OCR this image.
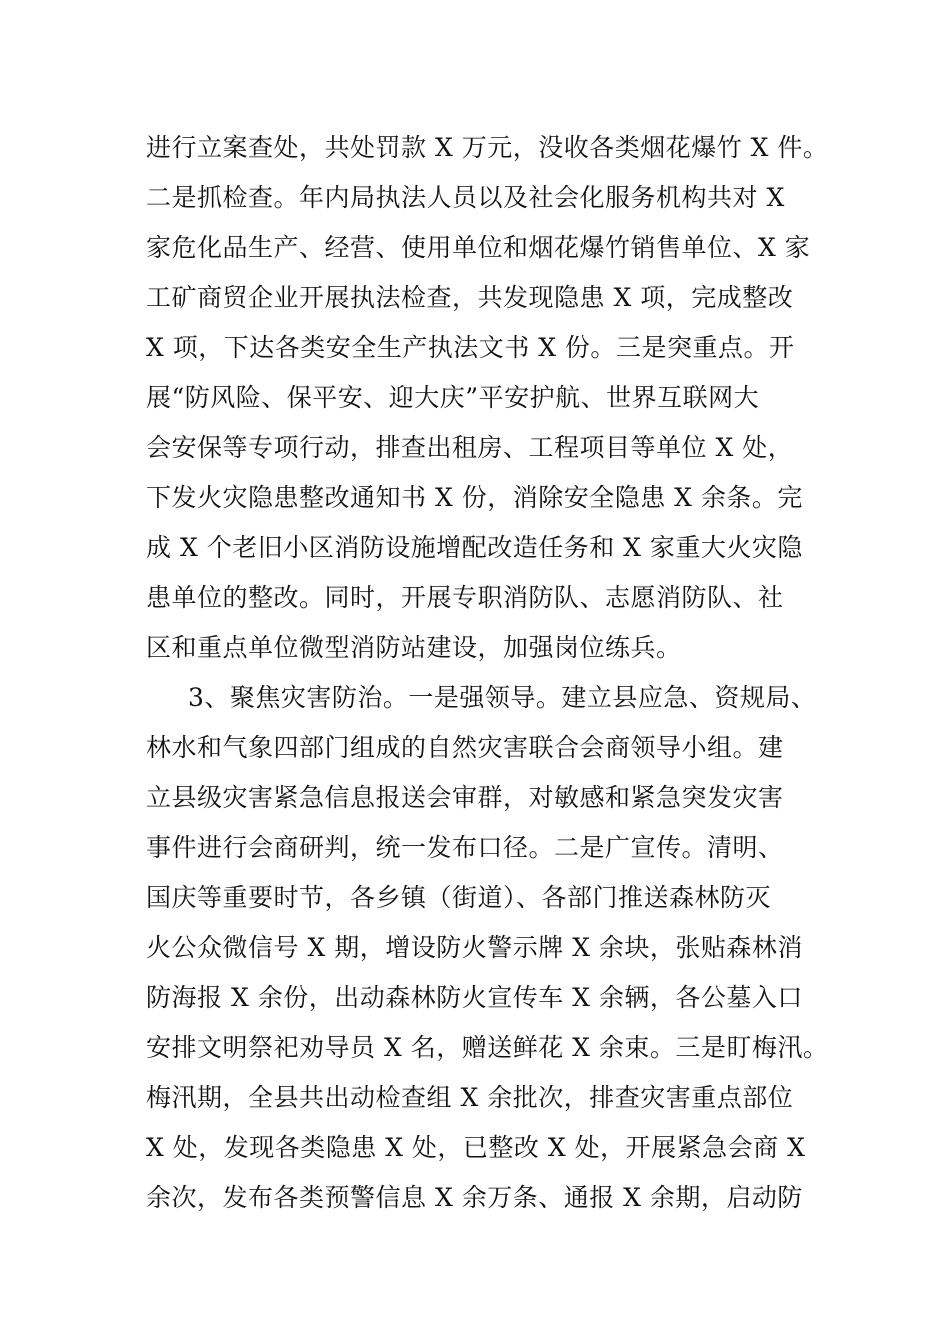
进行立案查处，共处罚款 X 万元，没收各类烟花爆竹 X 件。
二是抓检查。年内局执法人员以及社会化服务机构共对 X
家危化品生产、经营、使用单位和烟花爆竹销售单位、X 家
工矿商贸企业开展执法检查，共发现隐患 X 项，完成整改
X 项，下达各类安全生产执法文书 X 份。三是突重点。开
展“防风险、保平安、迎大庆”平安护航、世界互联网大
会安保等专项行动，排查出租房、工程项目等单位 X 处，
下发火灾隐患整改通知书 X 份，消除安全隐患 X 余条。完
成 X 个老旧小区消防设施增配改造任务和 X 家重大火灾隐
患单位的整改。同时，开展专职消防队、志愿消防队、社
区和重点单位微型消防站建设，加强岗位练兵。
3、聚焦灾害防治。一是强领导。建立县应急、资规局、
林水和气象四部门组成的自然灾害联合会商领导小组。建
立县级灾害紧急信息报送会审群，对敏感和紧急突发灾害
事件进行会商研判，统一发布口径。二是广宣传。清明、
国庆等重要时节，各乡镇（街道）、各部门推送森林防灭
火公众微信号 X 期，增设防火警示牌 X 余块，张贴森林消
防海报 X 余份，出动森林防火宣传车 X 余辆，各公墓入口
安排文明祭祀劝导员 X 名，赠送鲜花 X 余束。三是盯梅汛。
梅汛期，全县共出动检查组 X 余批次，排查灾害重点部位
X 处，发现各类隐患 X 处，已整改 X 处，开展紧急会商 X
余次，发布各类预警信息 X 余万条、通报 X 余期，启动防
